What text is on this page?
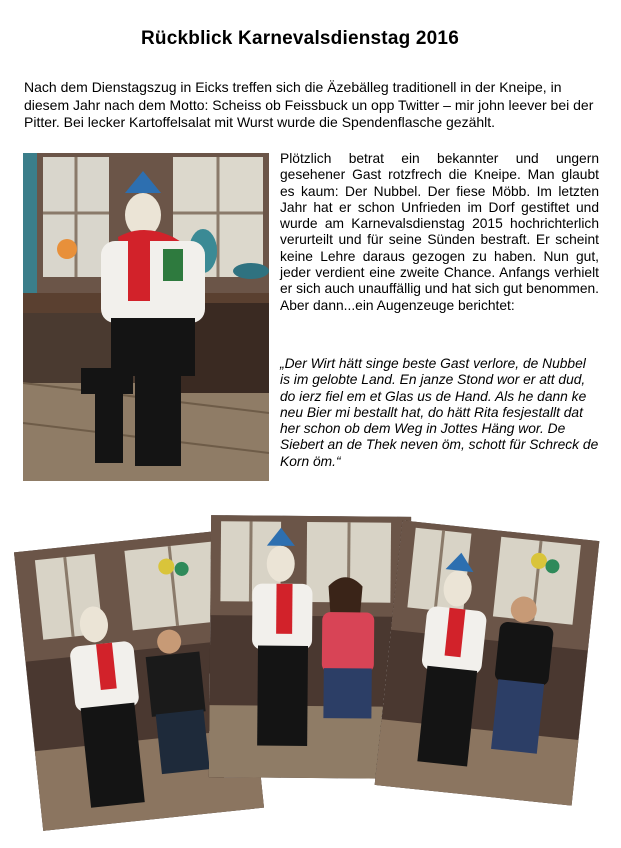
Rückblick Karnevalsdienstag 2016
Nach dem Dienstagszug in Eicks treffen sich die Äzebälleg traditionell in der Kneipe, in diesem Jahr nach dem Motto: Scheiss ob Feissbuck un opp Twitter – mir john leever bei der Pitter. Bei lecker Kartoffelsalat mit Wurst wurde die Spendenflasche gezählt.
Plötzlich betrat ein bekannter und ungern gesehener Gast rotzfrech die Kneipe. Man glaubt es kaum: Der Nubbel. Der fiese Möbb. Im letzten Jahr hat er schon Unfrieden im Dorf gestiftet und wurde am Karnevalsdienstag 2015 hochrichterlich verurteilt und für seine Sünden bestraft. Er scheint keine Lehre daraus gezogen zu haben. Nun gut, jeder verdient eine zweite Chance. Anfangs verhielt er sich auch unauffällig und hat sich gut benommen. Aber dann...ein Augenzeuge berichtet:
„Der Wirt hätt singe beste Gast verlore, de Nubbel is im gelobte Land. En janze Stond wor er att dud, do ierz fiel em et Glas us de Hand. Als he dann ke neu Bier mi bestallt hat, do hätt Rita fesjestallt dat her schon ob dem Weg in Jottes Häng wor. De Siebert an de Thek neven öm, schott für Schreck de Korn öm.“
